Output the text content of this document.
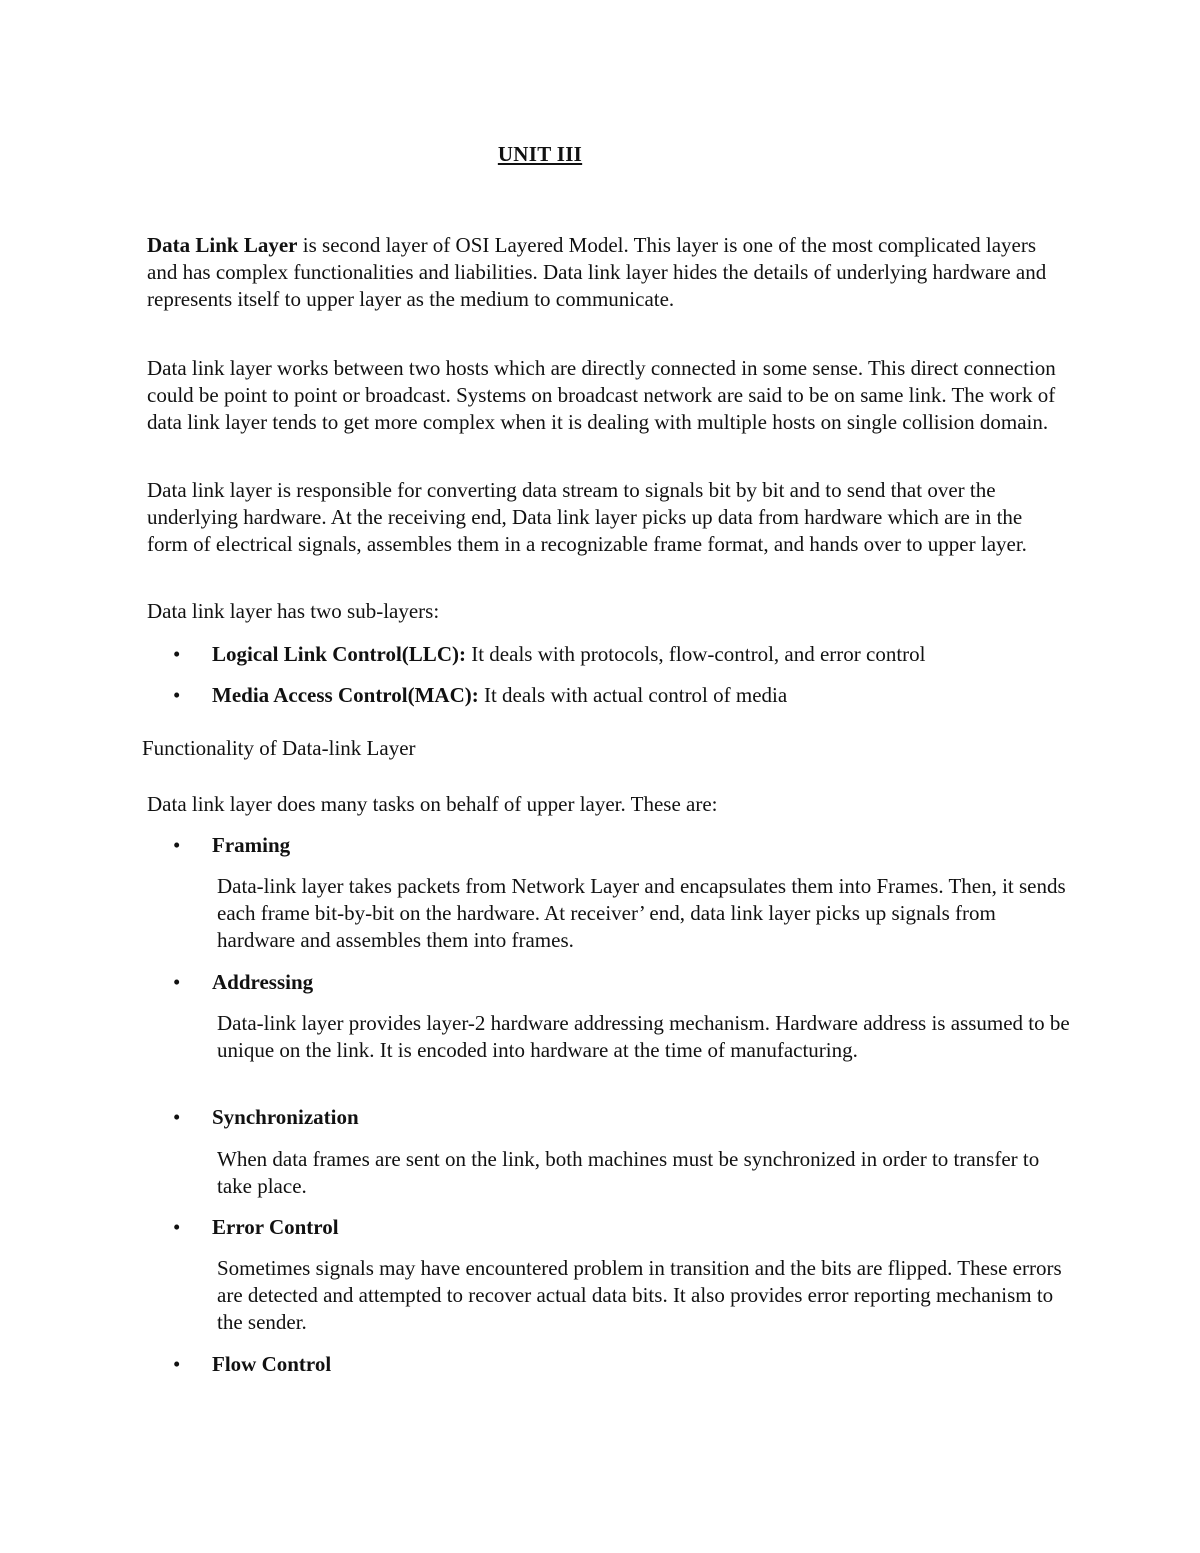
UNIT III

Data Link Layer is second layer of OSI Layered Model. This layer is one of the most complicated layers and has complex functionalities and liabilities. Data link layer hides the details of underlying hardware and represents itself to upper layer as the medium to communicate.

Data link layer works between two hosts which are directly connected in some sense. This direct connection could be point to point or broadcast. Systems on broadcast network are said to be on same link. The work of data link layer tends to get more complex when it is dealing with multiple hosts on single collision domain.

Data link layer is responsible for converting data stream to signals bit by bit and to send that over the underlying hardware. At the receiving end, Data link layer picks up data from hardware which are in the form of electrical signals, assembles them in a recognizable frame format, and hands over to upper layer.

Data link layer has two sub-layers:

• Logical Link Control(LLC): It deals with protocols, flow-control, and error control
• Media Access Control(MAC): It deals with actual control of media
Functionality of Data-link Layer

Data link layer does many tasks on behalf of upper layer. These are:

• Framing

Data-link layer takes packets from Network Layer and encapsulates them into Frames. Then, it sends each frame bit-by-bit on the hardware. At receiver’ end, data link layer picks up signals from hardware and assembles them into frames.

• Addressing

Data-link layer provides layer-2 hardware addressing mechanism. Hardware address is assumed to be unique on the link. It is encoded into hardware at the time of manufacturing.

• Synchronization

When data frames are sent on the link, both machines must be synchronized in order to transfer to take place.

• Error Control

Sometimes signals may have encountered problem in transition and the bits are flipped. These errors are detected and attempted to recover actual data bits. It also provides error reporting mechanism to the sender.

• Flow Control
